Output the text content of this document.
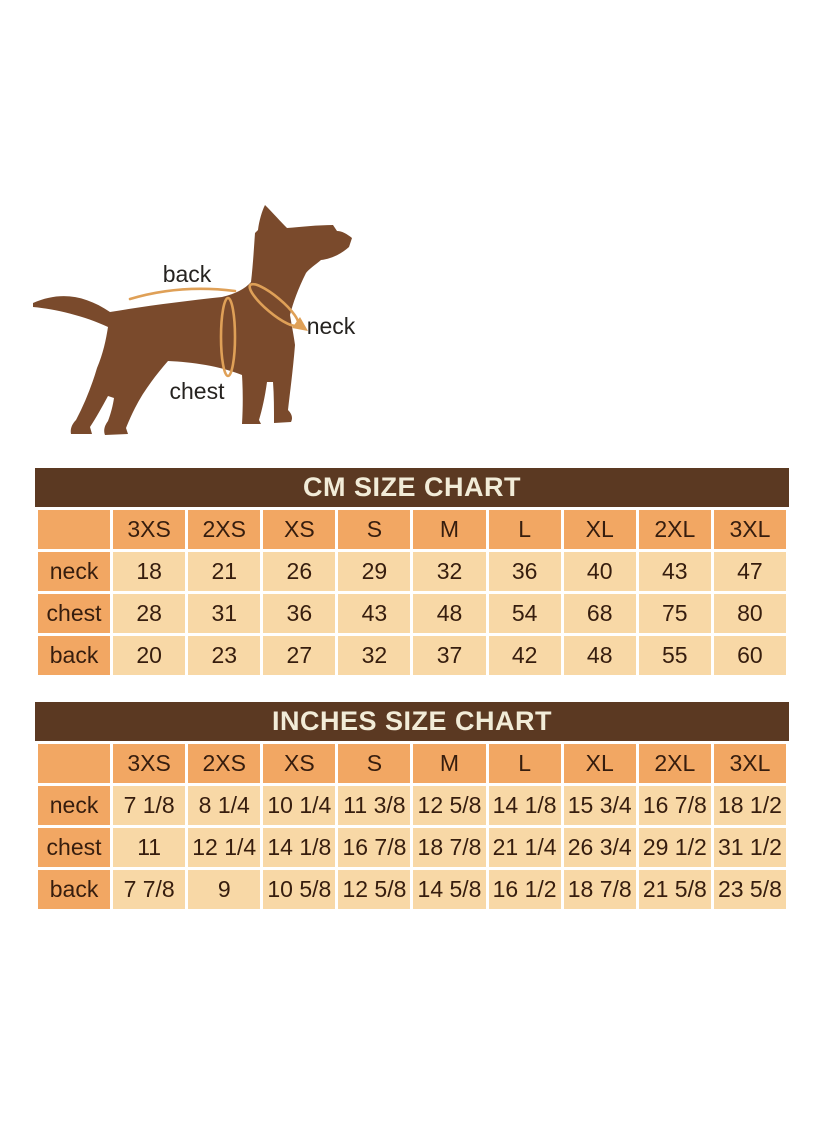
back
neck
chest
CM SIZE CHART
	3XS	2XS	XS	S	M	L	XL	2XL	3XL
neck	18	21	26	29	32	36	40	43	47
chest	28	31	36	43	48	54	68	75	80
back	20	23	27	32	37	42	48	55	60
INCHES SIZE CHART
	3XS	2XS	XS	S	M	L	XL	2XL	3XL
neck	7 1/8	8 1/4	10 1/4	11 3/8	12 5/8	14 1/8	15 3/4	16 7/8	18 1/2
chest	11	12 1/4	14 1/8	16 7/8	18 7/8	21 1/4	26 3/4	29 1/2	31 1/2
back	7 7/8	9	10 5/8	12 5/8	14 5/8	16 1/2	18 7/8	21 5/8	23 5/8
